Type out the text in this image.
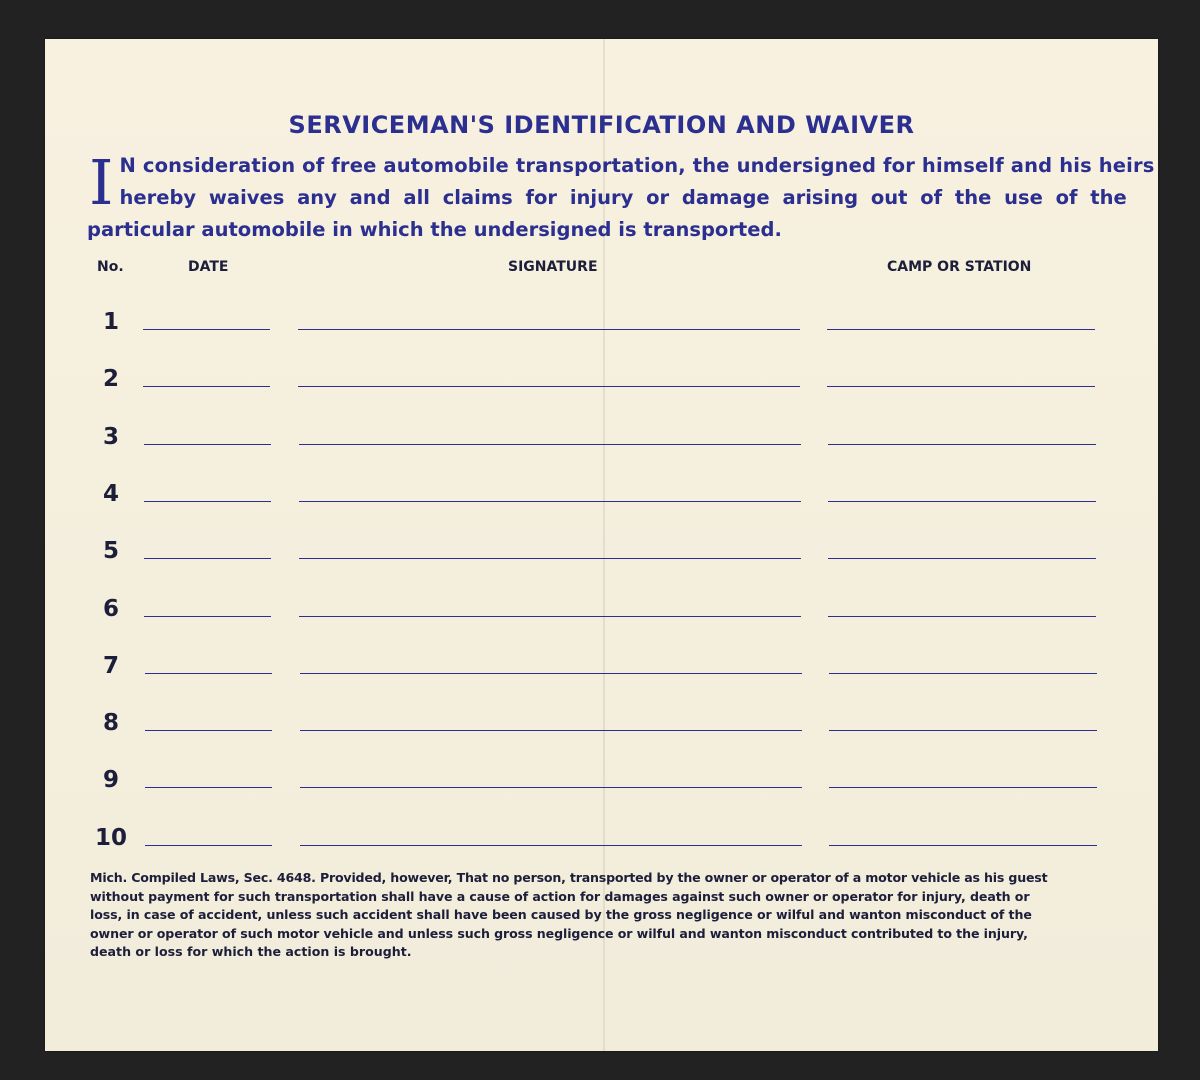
SERVICEMAN'S IDENTIFICATION AND WAIVER
I N consideration of free automobile transportation, the undersigned for himself and his heirs
hereby waives any and all claims for injury or damage arising out of the use of the
particular automobile in which the undersigned is transported.
No.	DATE	SIGNATURE	CAMP OR STATION
1
2
3
4
5
6
7
8
9
10
Mich. Compiled Laws, Sec. 4648. Provided, however, That no person, transported by the owner or operator of a motor vehicle as his guest
without payment for such transportation shall have a cause of action for damages against such owner or operator for injury, death or
loss, in case of accident, unless such accident shall have been caused by the gross negligence or wilful and wanton misconduct of the
owner or operator of such motor vehicle and unless such gross negligence or wilful and wanton misconduct contributed to the injury,
death or loss for which the action is brought.
